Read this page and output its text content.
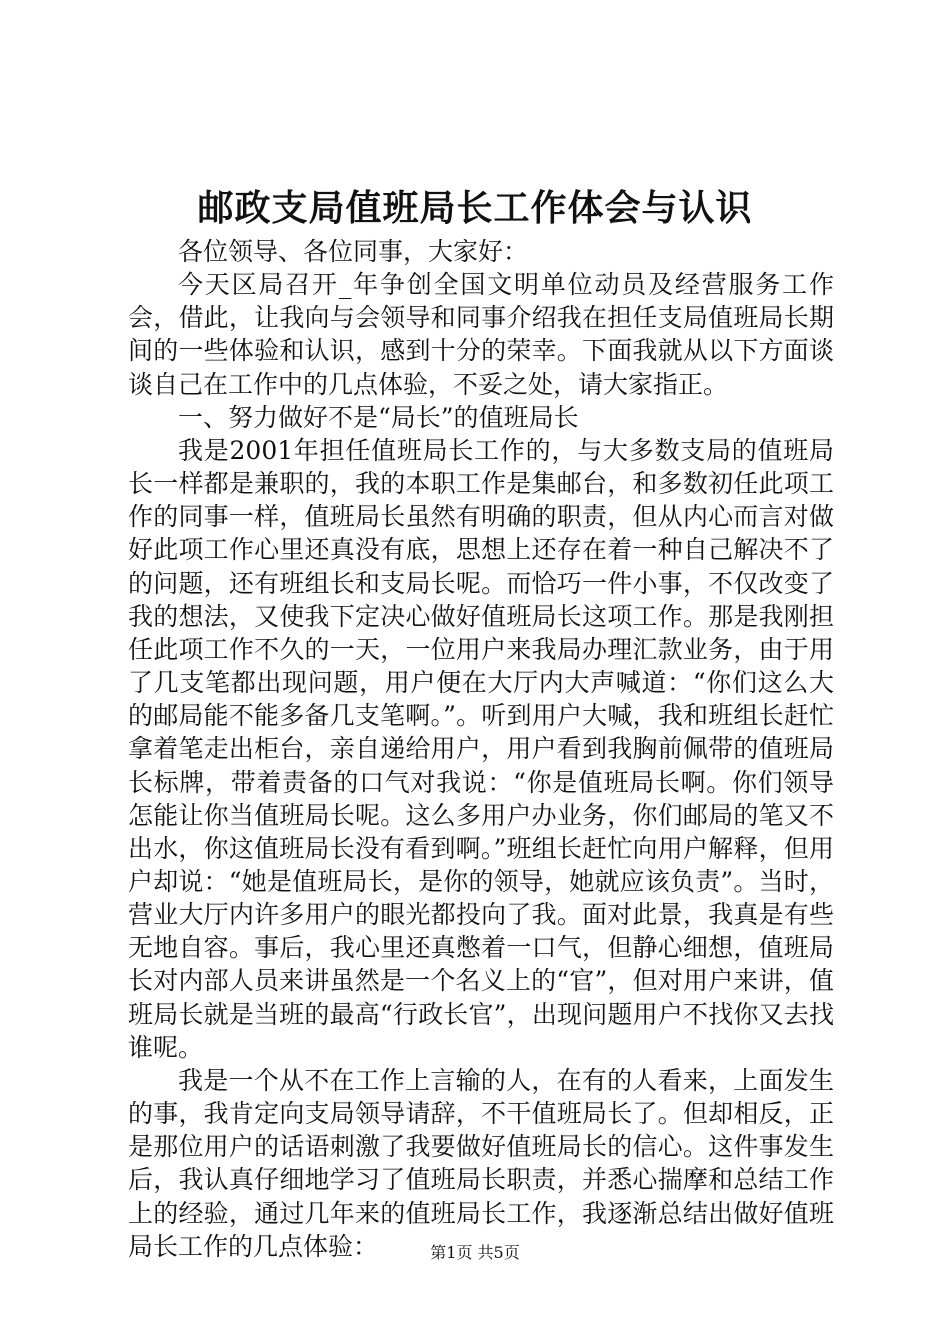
邮政支局值班局长工作体会与认识

各位领导、各位同事，大家好：

今天区局召开_年争创全国文明单位动员及经营服务工作会，借此，让我向与会领导和同事介绍我在担任支局值班局长期间的一些体验和认识，感到十分的荣幸。下面我就从以下方面谈谈自己在工作中的几点体验，不妥之处，请大家指正。

一、努力做好不是“局长”的值班局长

我是2001年担任值班局长工作的，与大多数支局的值班局长一样都是兼职的，我的本职工作是集邮台，和多数初任此项工作的同事一样，值班局长虽然有明确的职责，但从内心而言对做好此项工作心里还真没有底，思想上还存在着一种自己解决不了的问题，还有班组长和支局长呢。而恰巧一件小事，不仅改变了我的想法，又使我下定决心做好值班局长这项工作。那是我刚担任此项工作不久的一天，一位用户来我局办理汇款业务，由于用了几支笔都出现问题，用户便在大厅内大声喊道：“你们这么大的邮局能不能多备几支笔啊。”。听到用户大喊，我和班组长赶忙拿着笔走出柜台，亲自递给用户，用户看到我胸前佩带的值班局长标牌，带着责备的口气对我说：“你是值班局长啊。你们领导怎能让你当值班局长呢。这么多用户办业务，你们邮局的笔又不出水，你这值班局长没有看到啊。”班组长赶忙向用户解释，但用户却说：“她是值班局长，是你的领导，她就应该负责”。当时，营业大厅内许多用户的眼光都投向了我。面对此景，我真是有些无地自容。事后，我心里还真憋着一口气，但静心细想，值班局长对内部人员来讲虽然是一个名义上的“官”，但对用户来讲，值班局长就是当班的最高“行政长官”，出现问题用户不找你又去找谁呢。

我是一个从不在工作上言输的人，在有的人看来，上面发生的事，我肯定向支局领导请辞，不干值班局长了。但却相反，正是那位用户的话语刺激了我要做好值班局长的信心。这件事发生后，我认真仔细地学习了值班局长职责，并悉心揣摩和总结工作上的经验，通过几年来的值班局长工作，我逐渐总结出做好值班局长工作的几点体验：	第1页 共5页
